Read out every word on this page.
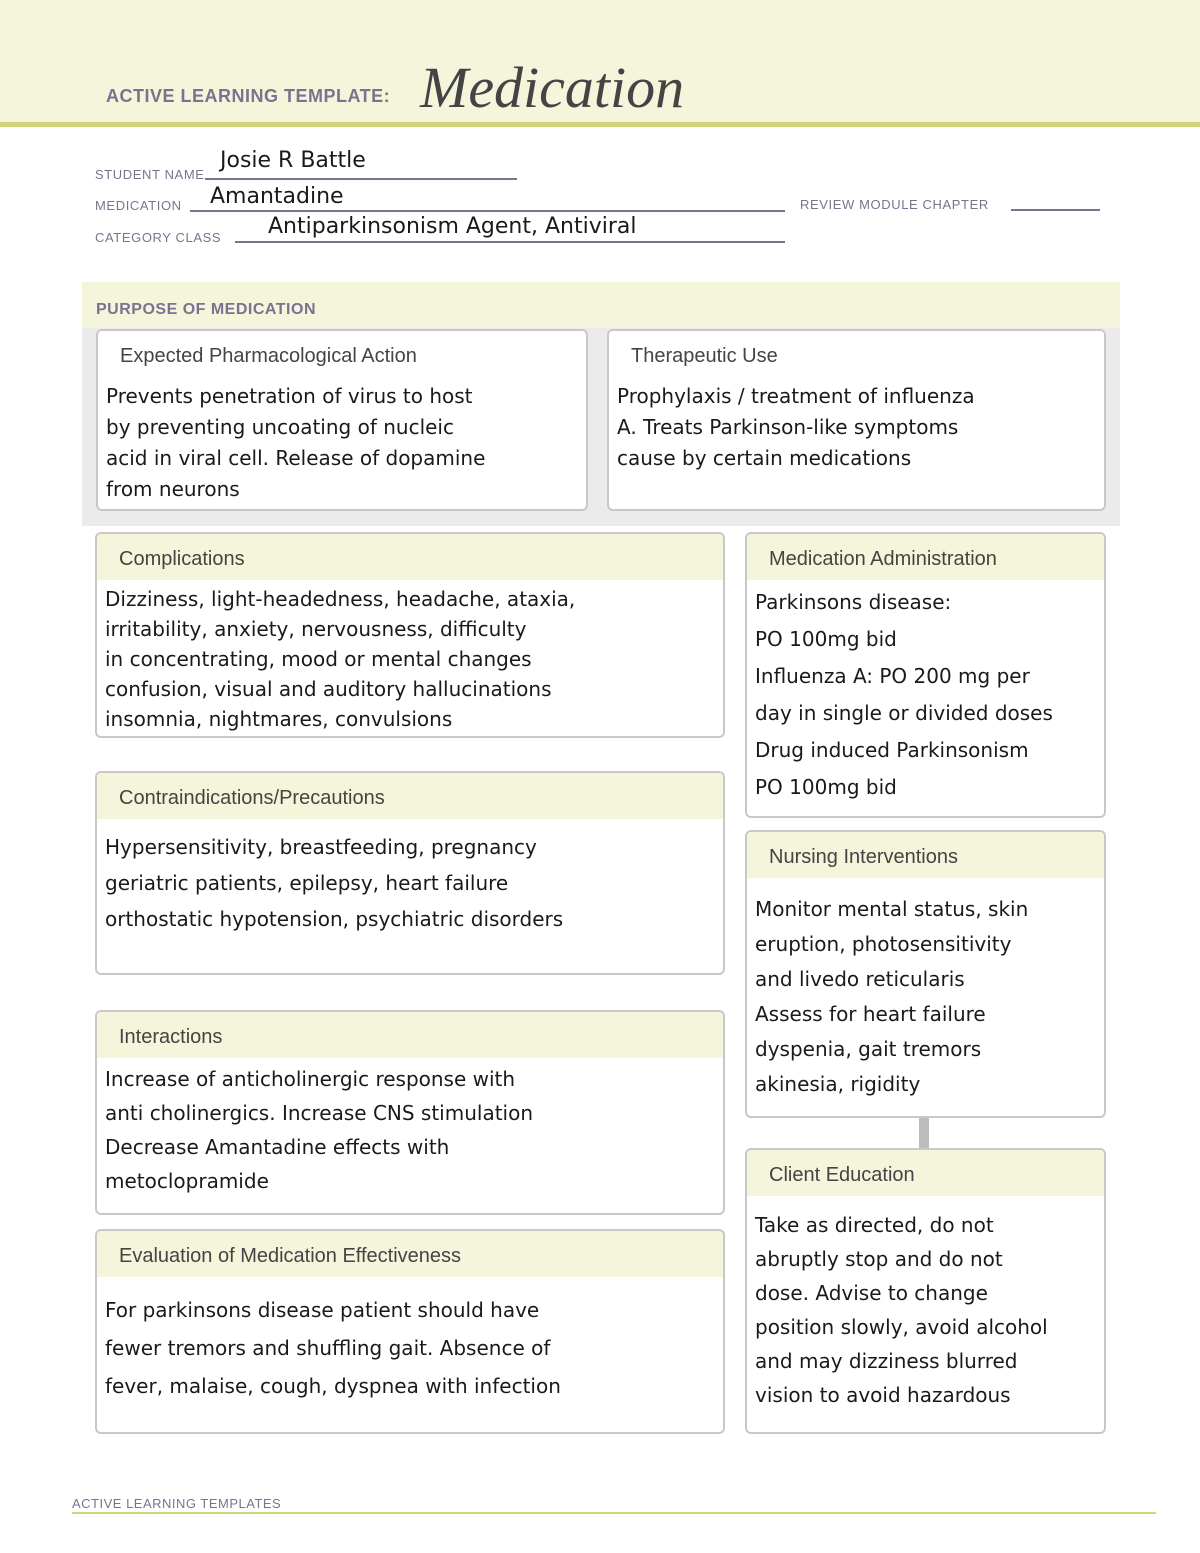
ACTIVE LEARNING TEMPLATE: Medication
STUDENT NAME
Josie R Battle
MEDICATION Amantadine	REVIEW MODULE CHAPTER
CATEGORY CLASS Antiparkinsonism Agent, Antiviral
PURPOSE OF MEDICATION
Expected Pharmacological Action
Prevents penetration of virus to host
by preventing uncoating of nucleic
acid in viral cell. Release of dopamine
from neurons
Therapeutic Use
Prophylaxis / treatment of influenza
A. Treats Parkinson-like symptoms
cause by certain medications
Complications
Dizziness, light-headedness, headache, ataxia,
irritability, anxiety, nervousness, difficulty
in concentrating, mood or mental changes
confusion, visual and auditory hallucinations
insomnia, nightmares, convulsions
Medication Administration
Parkinsons disease:
PO 100mg bid
Influenza A: PO 200 mg per
day in single or divided doses
Drug induced Parkinsonism
PO 100mg bid
Contraindications/Precautions
Hypersensitivity, breastfeeding, pregnancy
geriatric patients, epilepsy, heart failure
orthostatic hypotension, psychiatric disorders
Nursing Interventions
Monitor mental status, skin
eruption, photosensitivity
and livedo reticularis
Assess for heart failure
dyspenia, gait tremors
akinesia, rigidity
Interactions
Increase of anticholinergic response with
anti cholinergics. Increase CNS stimulation
Decrease Amantadine effects with
metoclopramide	Client Education
Take as directed, do not
abruptly stop and do not
dose. Advise to change
position slowly, avoid alcohol
and may dizziness blurred
vision to avoid hazardous
Evaluation of Medication Effectiveness
For parkinsons disease patient should have
fewer tremors and shuffling gait. Absence of
fever, malaise, cough, dyspnea with infection
ACTIVE LEARNING TEMPLATES
